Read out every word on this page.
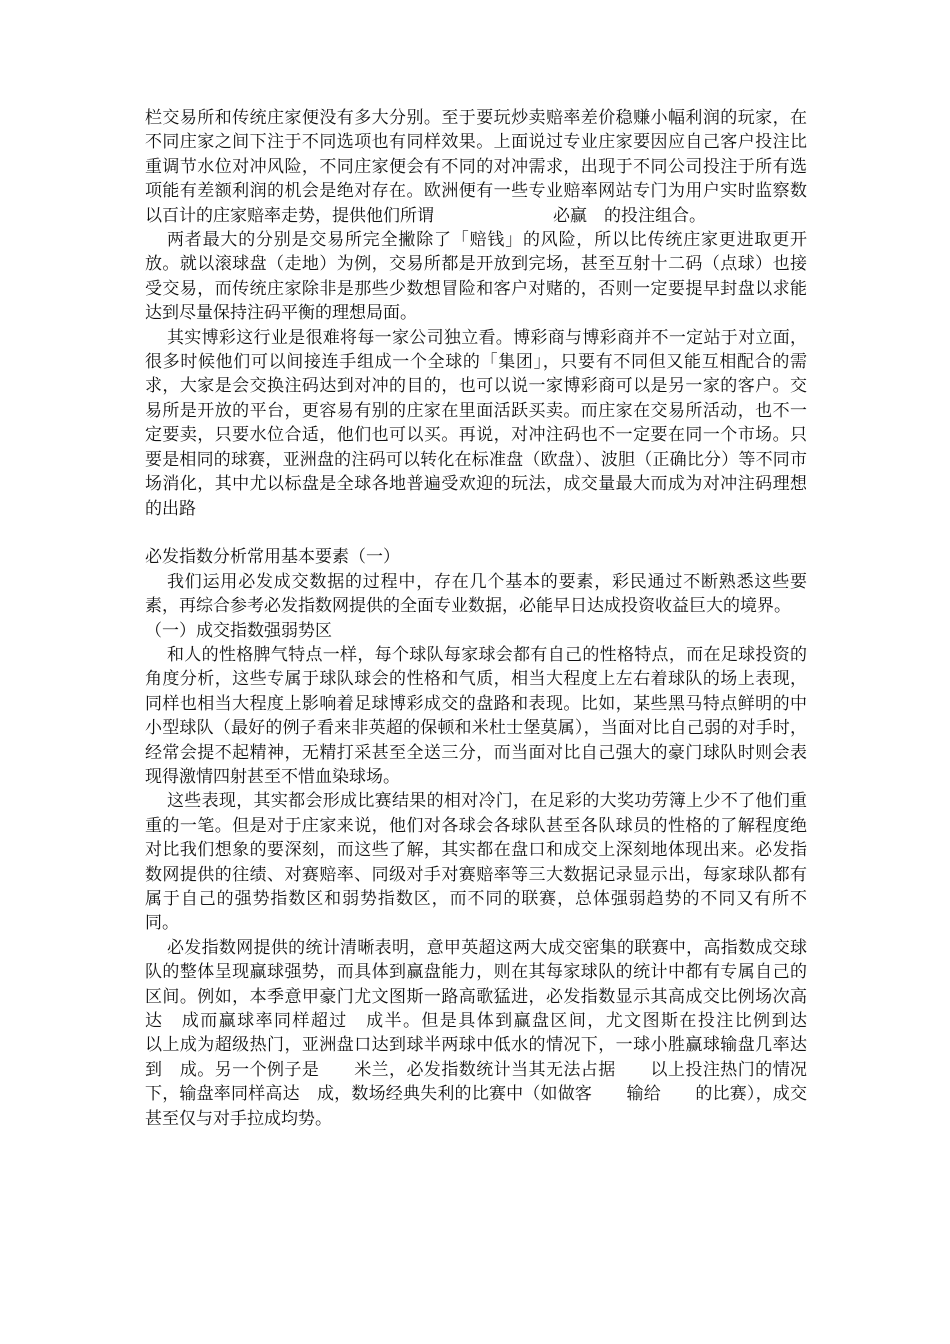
栏交易所和传统庄家便没有多大分别。至于要玩炒卖赔率差价稳赚小幅利润的玩家，在不同庄家之间下注于不同选项也有同样效果。上面说过专业庄家要因应自己客户投注比重调节水位对冲风险，不同庄家便会有不同的对冲需求，出现于不同公司投注于所有选项能有差额利润的机会是绝对存在。欧洲便有一些专业赔率网站专门为用户实时监察数以百计的庄家赔率走势，提供他们所谓　　　　　　　必赢　的投注组合。

两者最大的分别是交易所完全撇除了「赔钱」的风险，所以比传统庄家更进取更开放。就以滚球盘（走地）为例，交易所都是开放到完场，甚至互射十二码（点球）也接受交易，而传统庄家除非是那些少数想冒险和客户对赌的，否则一定要提早封盘以求能达到尽量保持注码平衡的理想局面。

其实博彩这行业是很难将每一家公司独立看。博彩商与博彩商并不一定站于对立面，很多时候他们可以间接连手组成一个全球的「集团」，只要有不同但又能互相配合的需求，大家是会交换注码达到对冲的目的，也可以说一家博彩商可以是另一家的客户。交易所是开放的平台，更容易有别的庄家在里面活跃买卖。而庄家在交易所活动，也不一定要卖，只要水位合适，他们也可以买。再说，对冲注码也不一定要在同一个市场。只要是相同的球赛，亚洲盘的注码可以转化在标准盘（欧盘）、波胆（正确比分）等不同市场消化，其中尤以标盘是全球各地普遍受欢迎的玩法，成交量最大而成为对冲注码理想的出路

必发指数分析常用基本要素（一）

我们运用必发成交数据的过程中，存在几个基本的要素，彩民通过不断熟悉这些要素，再综合参考必发指数网提供的全面专业数据，必能早日达成投资收益巨大的境界。

（一）成交指数强弱势区

和人的性格脾气特点一样，每个球队每家球会都有自己的性格特点，而在足球投资的角度分析，这些专属于球队球会的性格和气质，相当大程度上左右着球队的场上表现，同样也相当大程度上影响着足球博彩成交的盘路和表现。比如，某些黑马特点鲜明的中小型球队（最好的例子看来非英超的保顿和米杜士堡莫属），当面对比自己弱的对手时，经常会提不起精神，无精打采甚至全送三分，而当面对比自己强大的豪门球队时则会表现得激情四射甚至不惜血染球场。

这些表现，其实都会形成比赛结果的相对冷门，在足彩的大奖功劳簿上少不了他们重重的一笔。但是对于庄家来说，他们对各球会各球队甚至各队球员的性格的了解程度绝对比我们想象的要深刻，而这些了解，其实都在盘口和成交上深刻地体现出来。必发指数网提供的往绩、对赛赔率、同级对手对赛赔率等三大数据记录显示出，每家球队都有属于自己的强势指数区和弱势指数区，而不同的联赛，总体强弱趋势的不同又有所不同。

必发指数网提供的统计清晰表明，意甲英超这两大成交密集的联赛中，高指数成交球队的整体呈现赢球强势，而具体到赢盘能力，则在其每家球队的统计中都有专属自己的区间。例如，本季意甲豪门尤文图斯一路高歌猛进，必发指数显示其高成交比例场次高达　成而赢球率同样超过　成半。但是具体到赢盘区间，尤文图斯在投注比例到达　　以上成为超级热门，亚洲盘口达到球半两球中低水的情况下，一球小胜赢球输盘几率达到　成。另一个例子是　　米兰，必发指数统计当其无法占据　　以上投注热门的情况下，输盘率同样高达　成，数场经典失利的比赛中（如做客　　输给　　的比赛），成交甚至仅与对手拉成均势。
